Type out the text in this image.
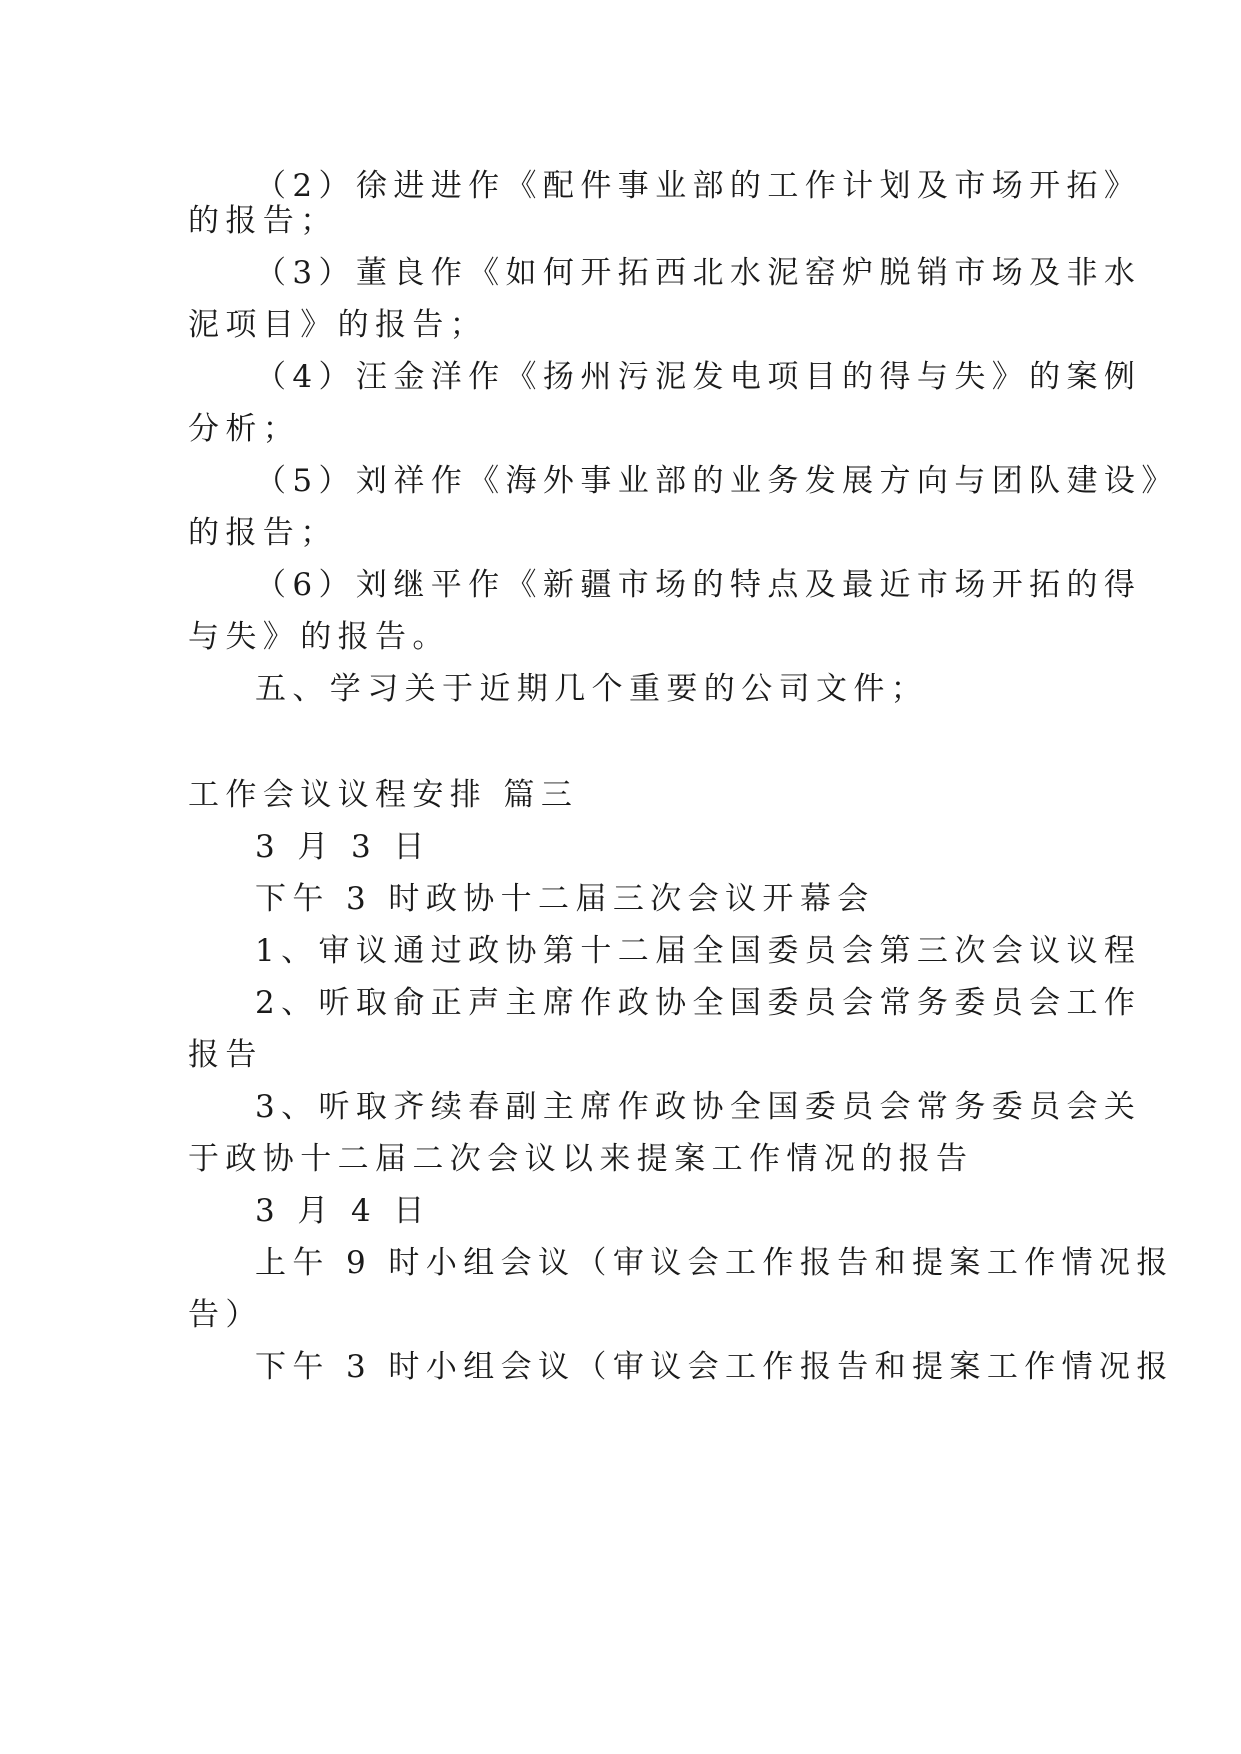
（2）徐进进作《配件事业部的工作计划及市场开拓》
的报告；
（3）董良作《如何开拓西北水泥窑炉脱销市场及非水
泥项目》的报告；
（4）汪金洋作《扬州污泥发电项目的得与失》的案例
分析；
（5）刘祥作《海外事业部的业务发展方向与团队建设》
的报告；
（6）刘继平作《新疆市场的特点及最近市场开拓的得
与失》的报告。
五、学习关于近期几个重要的公司文件；
工作会议议程安排 篇三
3 月 3 日
下午 3 时政协十二届三次会议开幕会
1、审议通过政协第十二届全国委员会第三次会议议程
2、听取俞正声主席作政协全国委员会常务委员会工作
报告
3、听取齐续春副主席作政协全国委员会常务委员会关
于政协十二届二次会议以来提案工作情况的报告
3 月 4 日
上午 9 时小组会议（审议会工作报告和提案工作情况报
告）
下午 3 时小组会议（审议会工作报告和提案工作情况报
